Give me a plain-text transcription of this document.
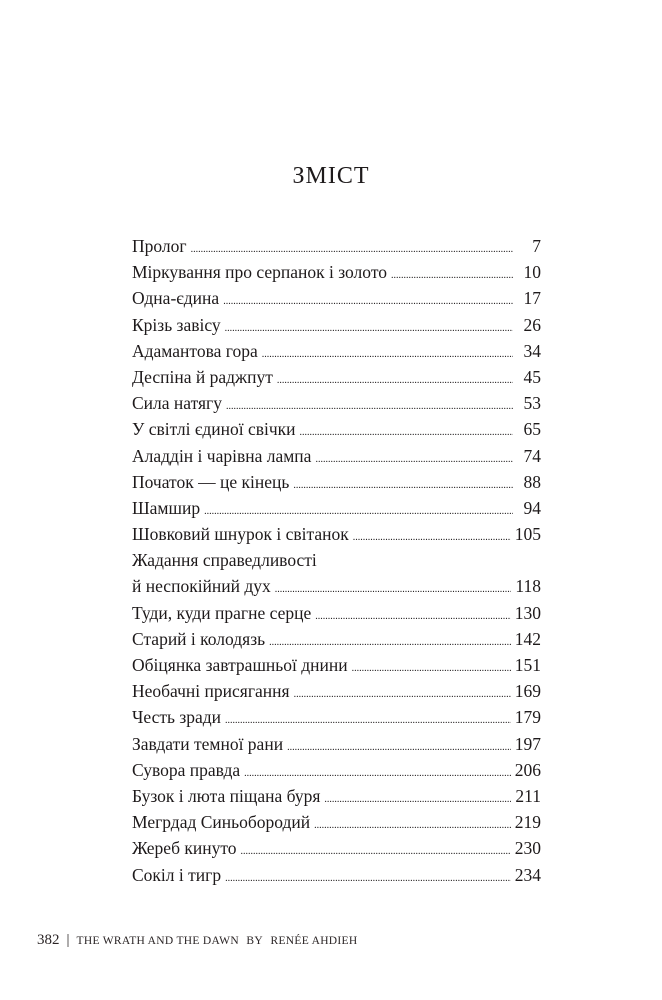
ЗМІСТ
Пролог .....	7
Міркування про серпанок і золото .....	10
Одна-єдина .....	17
Крізь завісу .....	26
Адамантова гора .....	34
Деспіна й раджпут .....	45
Сила натягу .....	53
У світлі єдиної свічки .....	65
Аладдін і чарівна лампа .....	74
Початок — це кінець .....	88
Шамшир .....	94
Шовковий шнурок і світанок .....	105
Жадання справедливості
й неспокійний дух .....	118
Туди, куди прагне серце .....	130
Старий і колодязь .....	142
Обіцянка завтрашньої днини .....	151
Необачні присягання .....	169
Честь зради .....	179
Завдати темної рани .....	197
Сувора правда .....	206
Бузок і люта піщана буря .....	211
Мегрдад Синьобородий .....	219
Жереб кинуто .....	230
Сокіл і тигр .....	234
382 | THE WRATH AND THE DAWN BY RENÉE AHDIEH
